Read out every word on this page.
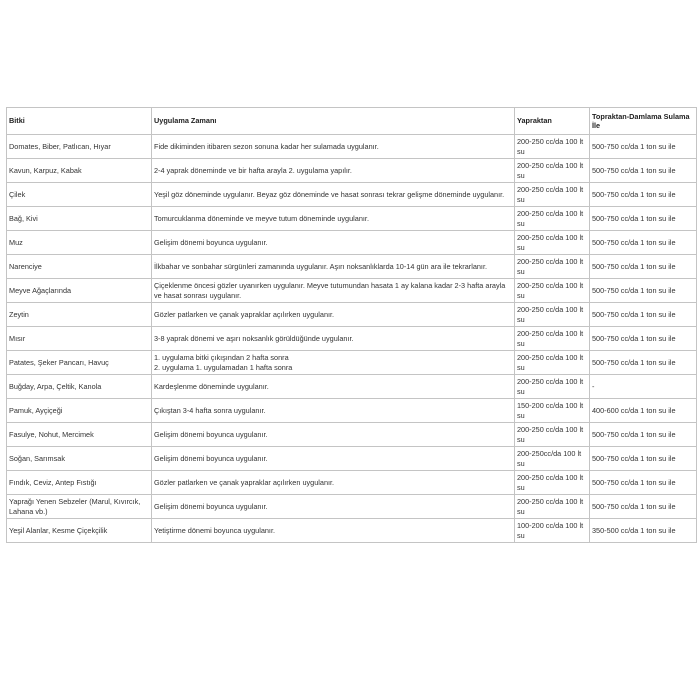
Bitki	Uygulama Zamanı	Yapraktan	Topraktan-Damlama Sulama İle
Domates, Biber, Patlıcan, Hıyar	Fide dikiminden itibaren sezon sonuna kadar her sulamada uygulanır.	200-250 cc/da 100 lt su	500-750 cc/da 1 ton su ile
Kavun, Karpuz, Kabak	2-4 yaprak döneminde ve bir hafta arayla 2. uygulama yapılır.	200-250 cc/da 100 lt su	500-750 cc/da 1 ton su ile
Çilek	Yeşil göz döneminde uygulanır. Beyaz göz döneminde ve hasat sonrası tekrar gelişme döneminde uygulanır.	200-250 cc/da 100 lt su	500-750 cc/da 1 ton su ile
Bağ, Kivi	Tomurcuklanma döneminde ve meyve tutum döneminde uygulanır.	200-250 cc/da 100 lt su	500-750 cc/da 1 ton su ile
Muz	Gelişim dönemi boyunca uygulanır.	200-250 cc/da 100 lt su	500-750 cc/da 1 ton su ile
Narenciye	İlkbahar ve sonbahar sürgünleri zamanında uygulanır. Aşırı noksanlıklarda 10-14 gün ara ile tekrarlanır.	200-250 cc/da 100 lt su	500-750 cc/da 1 ton su ile
Meyve Ağaçlarında	Çiçeklenme öncesi gözler uyanırken uygulanır. Meyve tutumundan hasata 1 ay kalana kadar 2-3 hafta arayla ve hasat sonrası uygulanır.	200-250 cc/da 100 lt su	500-750 cc/da 1 ton su ile
Zeytin	Gözler patlarken ve çanak yapraklar açılırken uygulanır.	200-250 cc/da 100 lt su	500-750 cc/da 1 ton su ile
Mısır	3-8 yaprak dönemi ve aşırı noksanlık görüldüğünde uygulanır.	200-250 cc/da 100 lt su	500-750 cc/da 1 ton su ile
Patates, Şeker Pancarı, Havuç	1. uygulama bitki çıkışından 2 hafta sonra
2. uygulama 1. uygulamadan 1 hafta sonra	200-250 cc/da 100 lt su	500-750 cc/da 1 ton su ile
Buğday, Arpa, Çeltik, Kanola	Kardeşlenme döneminde uygulanır.	200-250 cc/da 100 lt su	-
Pamuk, Ayçiçeği	Çıkıştan 3-4 hafta sonra uygulanır.	150-200 cc/da 100 lt su	400-600 cc/da 1 ton su ile
Fasulye, Nohut, Mercimek	Gelişim dönemi boyunca uygulanır.	200-250 cc/da 100 lt su	500-750 cc/da 1 ton su ile
Soğan, Sarımsak	Gelişim dönemi boyunca uygulanır.	200-250cc/da 100 lt su	500-750 cc/da 1 ton su ile
Fındık, Ceviz, Antep Fıstığı	Gözler patlarken ve çanak yapraklar açılırken uygulanır.	200-250 cc/da 100 lt su	500-750 cc/da 1 ton su ile
Yaprağı Yenen Sebzeler (Marul, Kıvırcık, Lahana vb.)	Gelişim dönemi boyunca uygulanır.	200-250 cc/da 100 lt su	500-750 cc/da 1 ton su ile
Yeşil Alanlar, Kesme Çiçekçilik	Yetiştirme dönemi boyunca uygulanır.	100-200 cc/da 100 lt su	350-500 cc/da 1 ton su ile
